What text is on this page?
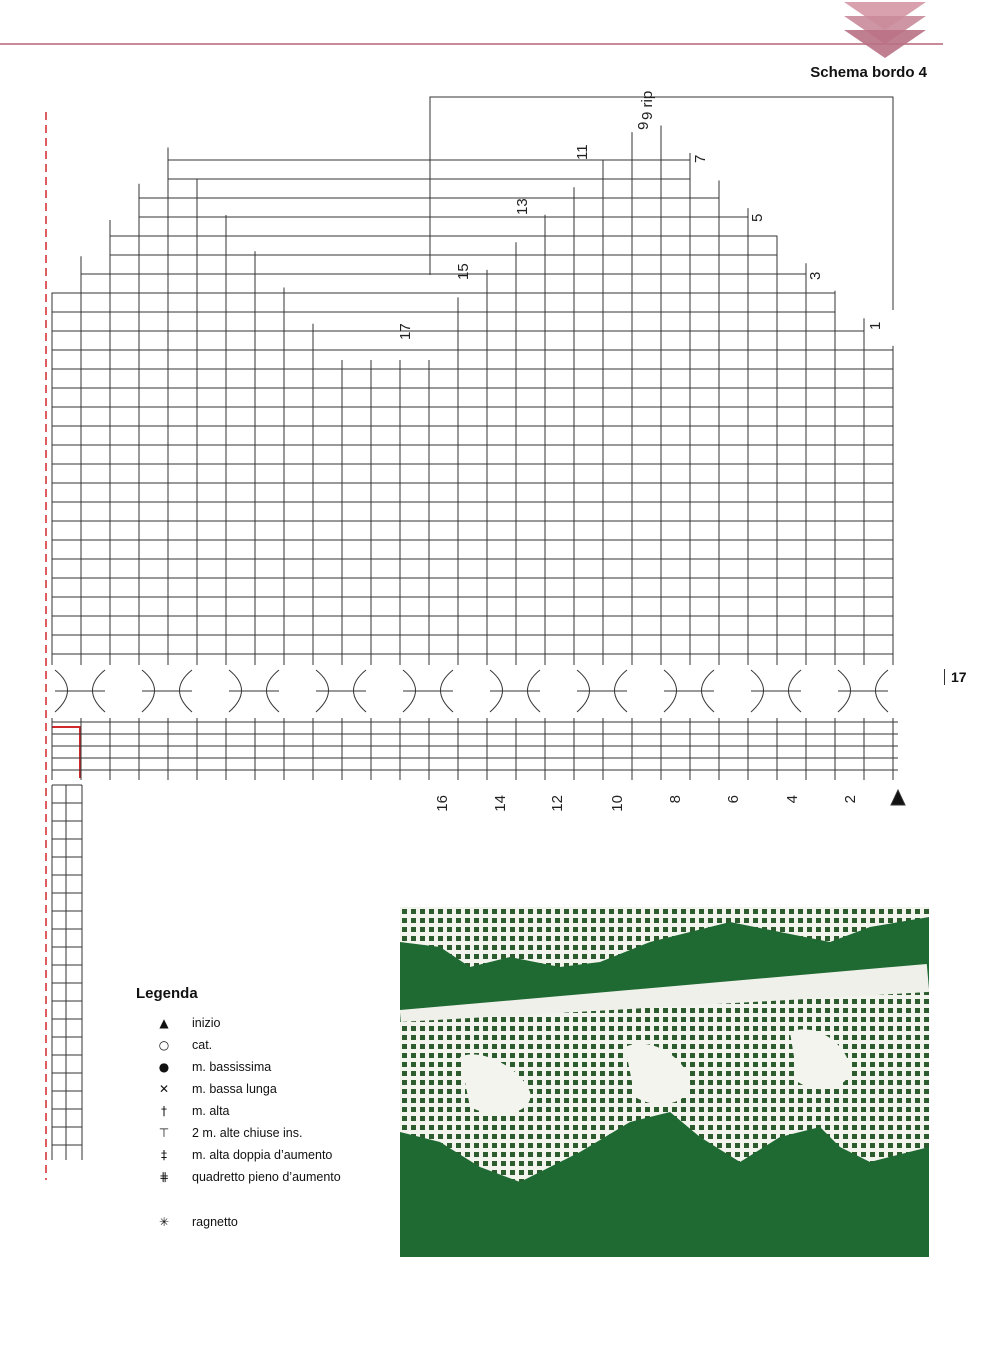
Schema bordo 4
17
9 rip
1
3
5
7
9
11
13
15
17
2
4
6
8
10
12
14
16
Legenda
▲	inizio
○	cat.
●	m. bassissima
✕	m. bassa lunga
†	m. alta
⊤	2 m. alte chiuse ins.
‡	m. alta doppia d’aumento
⋕	quadretto pieno d’aumento
✳	ragnetto
